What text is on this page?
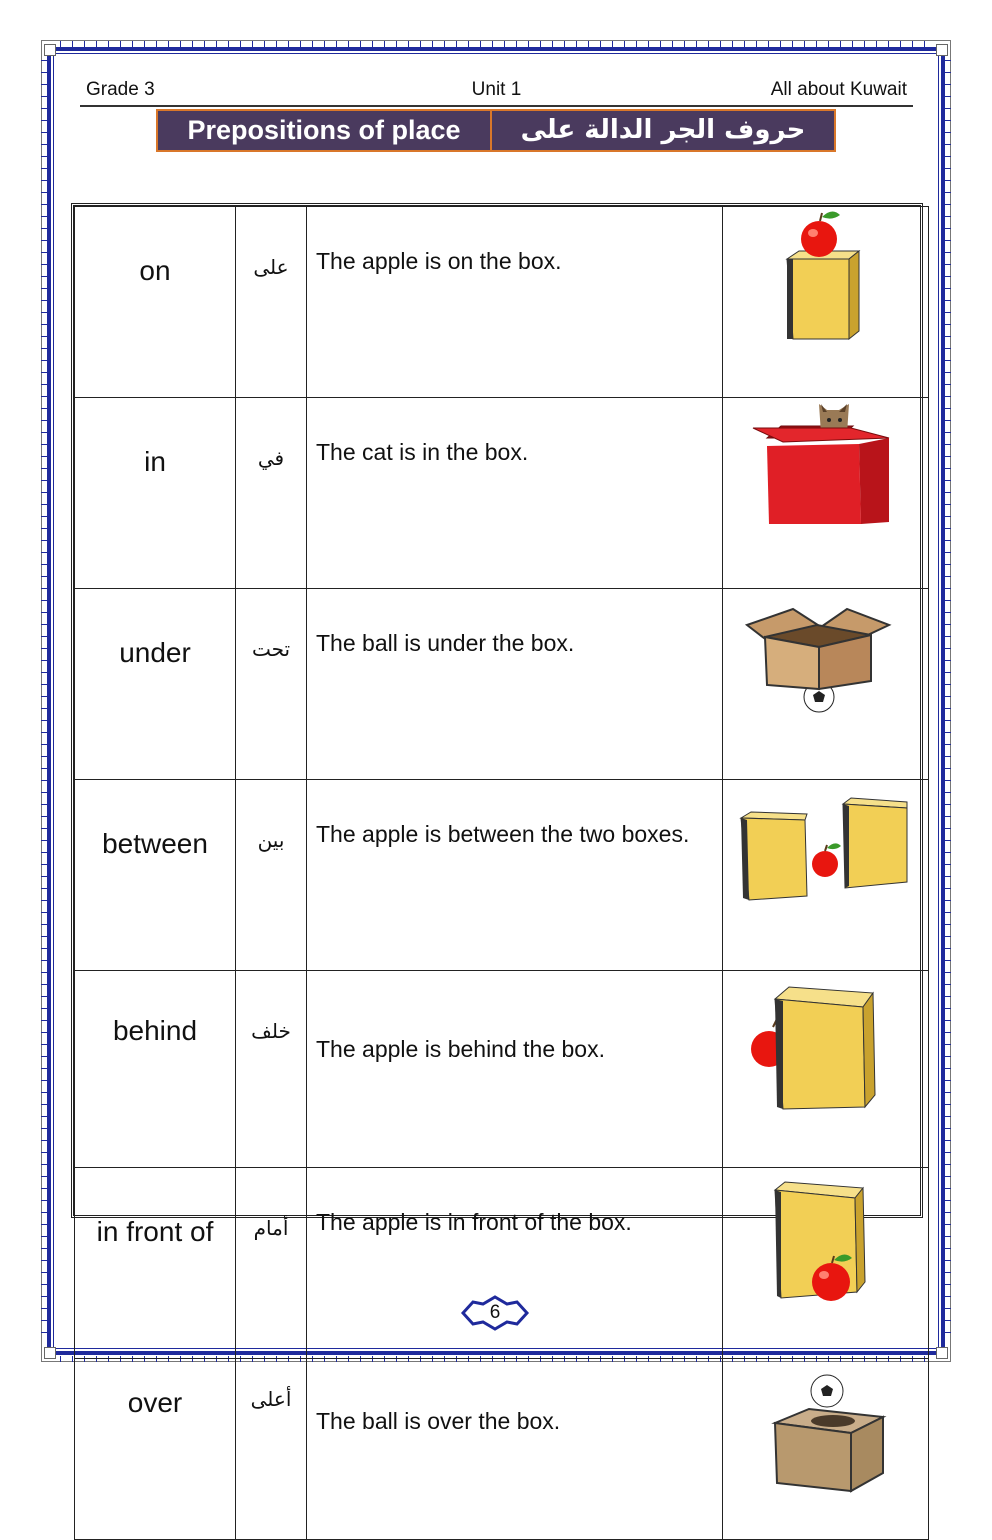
Grade 3	Unit 1	All about Kuwait
Prepositions of place	حروف الجر الدالة على المكان
on	على	The apple is on the box.	

in	في	The cat is in the box.	

under	تحت	The ball is under the box.	

between	بين	The apple is between the two boxes.	

behind	خلف	The apple is behind the box.	

in front of	أمام	The apple is in front of the box.	

over	أعلى	The ball is over the box.	
6
